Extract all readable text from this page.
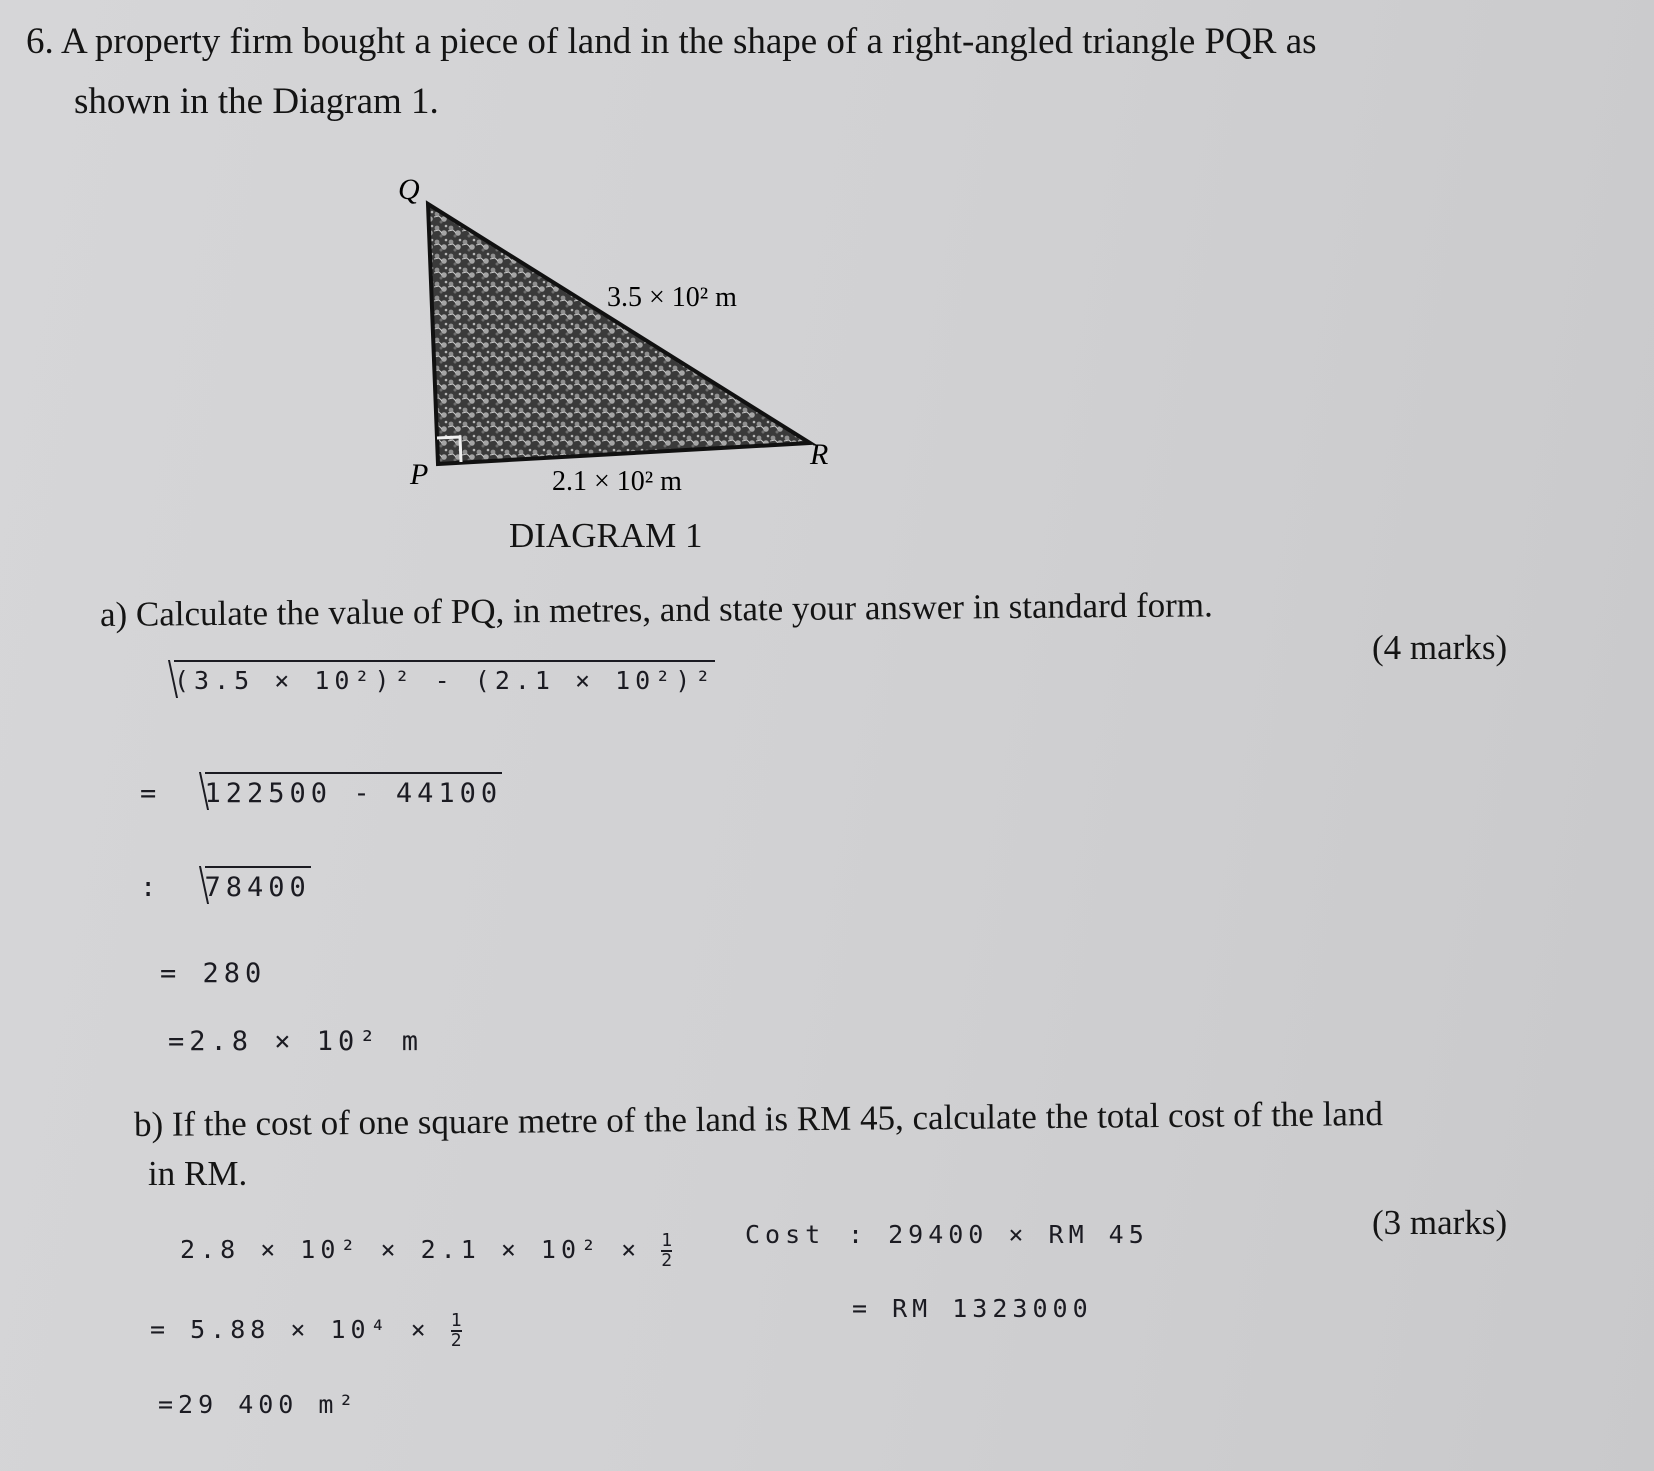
6. A property firm bought a piece of land in the shape of a right-angled triangle PQR as
shown in the Diagram 1.
Q
P
R
3.5 × 10² m
2.1 × 10² m
DIAGRAM 1
a) Calculate the value of PQ, in metres, and state your answer in standard form.
(4 marks)
(3.5 × 10²)² - (2.1 × 10²)²
= 122500 - 44100
: 78400
= 280
=2.8 × 10² m
b) If the cost of one square metre of the land is RM 45, calculate the total cost of the land
in RM.
(3 marks)
$2.8 \times 10^2 \times 2.1 \times 10^2 \times \frac{1}{2}$
= $5.88 \times 10^4 \times \frac{1}{2}$
=29 400 m²
Cost : 29400 × RM 45
= RM 1323000
